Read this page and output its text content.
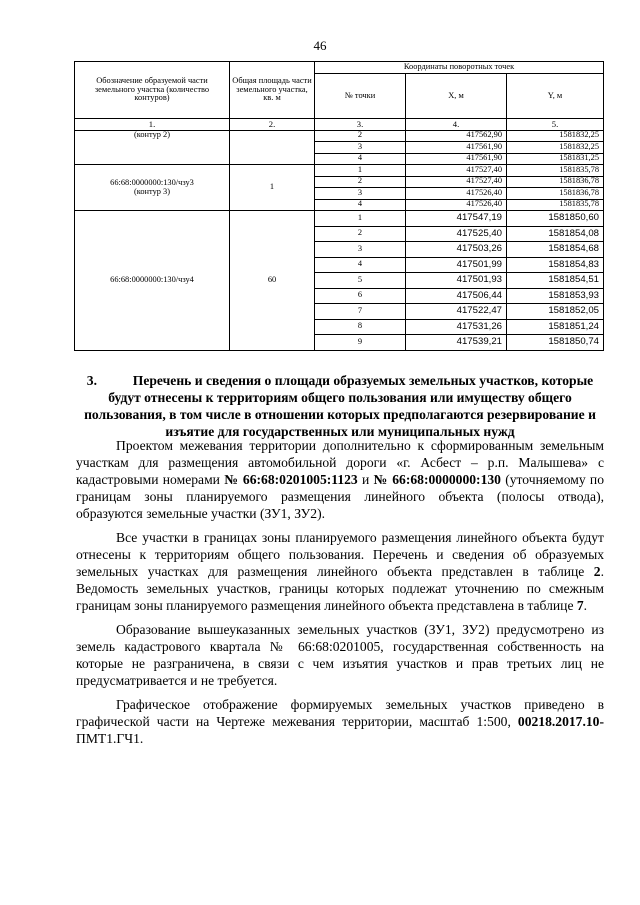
46
Обозначение образуемой части земельного участка (количество контуров)	Общая площадь части земельного участка, кв. м	Координаты поворотных точек		
		№ точки	X, м	Y, м
1.	2.	3.	4.	5.
(контур 2)		2	417562,90	1581832,25
		3	417561,90	1581832,25
		4	417561,90	1581831,25

66:68:0000000:130/чзу3
(контур 3)	1	1	417527,40	1581835,78
		2	417527,40	1581836,78
		3	417526,40	1581836,78
		4	417526,40	1581835,78
66:68:0000000:130/чзу4	60	1	417547,19	1581850,60
		2	417525,40	1581854,08
		3	417503,26	1581854,68
		4	417501,99	1581854,83
		5	417501,93	1581854,51
		6	417506,44	1581853,93
		7	417522,47	1581852,05
		8	417531,26	1581851,24
		9	417539,21	1581850,74
3.	Перечень и сведения о площади образуемых земельных участков, которые будут отнесены к территориям общего пользования или имуществу общего пользования, в том числе в отношении которых предполагаются резервирование и изъятие для государственных или муниципальных нужд

Проектом межевания территории дополнительно к сформированным земельным участкам для размещения автомобильной дороги «г. Асбест – р.п. Малышева» с кадастровыми номерами № 66:68:0201005:1123 и № 66:68:0000000:130 (уточняемому по границам зоны планируемого размещения линейного объекта (полосы отвода), образуются земельные участки (ЗУ1, ЗУ2).

Все участки в границах зоны планируемого размещения линейного объекта будут отнесены к территориям общего пользования. Перечень и сведения об образуемых земельных участках для размещения линейного объекта представлен в таблице 2. Ведомость земельных участков, границы которых подлежат уточнению по смежным границам зоны планируемого размещения линейного объекта представлена в таблице 7.

Образование вышеуказанных земельных участков (ЗУ1, ЗУ2) предусмотрено из земель кадастрового квартала № 66:68:0201005, государственная собственность на которые не разграничена, в связи с чем изъятия участков и прав третьих лиц не предусматривается и не требуется.

Графическое отображение формируемых земельных участков приведено в графической части на Чертеже межевания территории, масштаб 1:500, 00218.2017.10-ПМТ1.ГЧ1.
